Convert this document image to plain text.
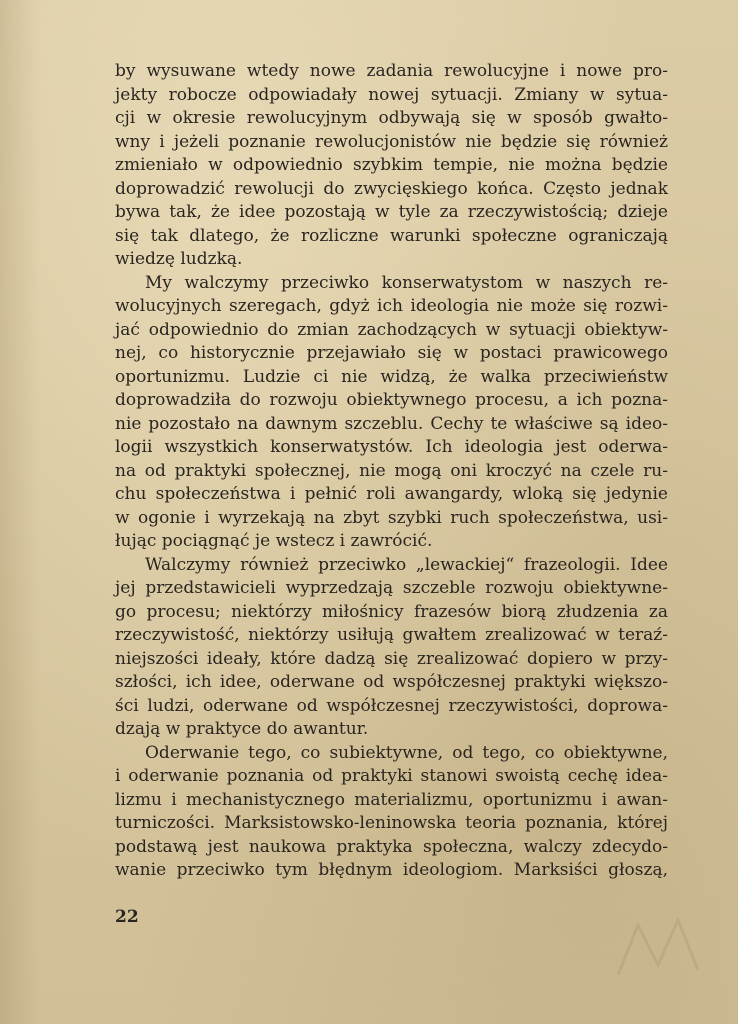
by wysuwane wtedy nowe zadania rewolucyjne i nowe pro-
jekty robocze odpowiadały nowej sytuacji. Zmiany w sytua-
cji w okresie rewolucyjnym odbywają się w sposób gwałto-
wny i jeżeli poznanie rewolucjonistów nie będzie się również
zmieniało w odpowiednio szybkim tempie, nie można będzie
doprowadzić rewolucji do zwycięskiego końca. Często jednak
bywa tak, że idee pozostają w tyle za rzeczywistością; dzieje
się tak dlatego, że rozliczne warunki społeczne ograniczają
wiedzę ludzką.
My walczymy przeciwko konserwatystom w naszych re-
wolucyjnych szeregach, gdyż ich ideologia nie może się rozwi-
jać odpowiednio do zmian zachodzących w sytuacji obiektyw-
nej, co historycznie przejawiało się w postaci prawicowego
oportunizmu. Ludzie ci nie widzą, że walka przeciwieństw
doprowadziła do rozwoju obiektywnego procesu, a ich pozna-
nie pozostało na dawnym szczeblu. Cechy te właściwe są ideo-
logii wszystkich konserwatystów. Ich ideologia jest oderwa-
na od praktyki społecznej, nie mogą oni kroczyć na czele ru-
chu społeczeństwa i pełnić roli awangardy, wloką się jedynie
w ogonie i wyrzekają na zbyt szybki ruch społeczeństwa, usi-
łując pociągnąć je wstecz i zawrócić.
Walczymy również przeciwko „lewackiej“ frazeologii. Idee
jej przedstawicieli wyprzedzają szczeble rozwoju obiektywne-
go procesu; niektórzy miłośnicy frazesów biorą złudzenia za
rzeczywistość, niektórzy usiłują gwałtem zrealizować w teraź-
niejszości ideały, które dadzą się zrealizować dopiero w przy-
szłości, ich idee, oderwane od współczesnej praktyki większo-
ści ludzi, oderwane od współczesnej rzeczywistości, doprowa-
dzają w praktyce do awantur.
Oderwanie tego, co subiektywne, od tego, co obiektywne,
i oderwanie poznania od praktyki stanowi swoistą cechę idea-
lizmu i mechanistycznego materializmu, oportunizmu i awan-
turniczości. Marksistowsko-leninowska teoria poznania, której
podstawą jest naukowa praktyka społeczna, walczy zdecydo-
wanie przeciwko tym błędnym ideologiom. Marksiści głoszą,
22
